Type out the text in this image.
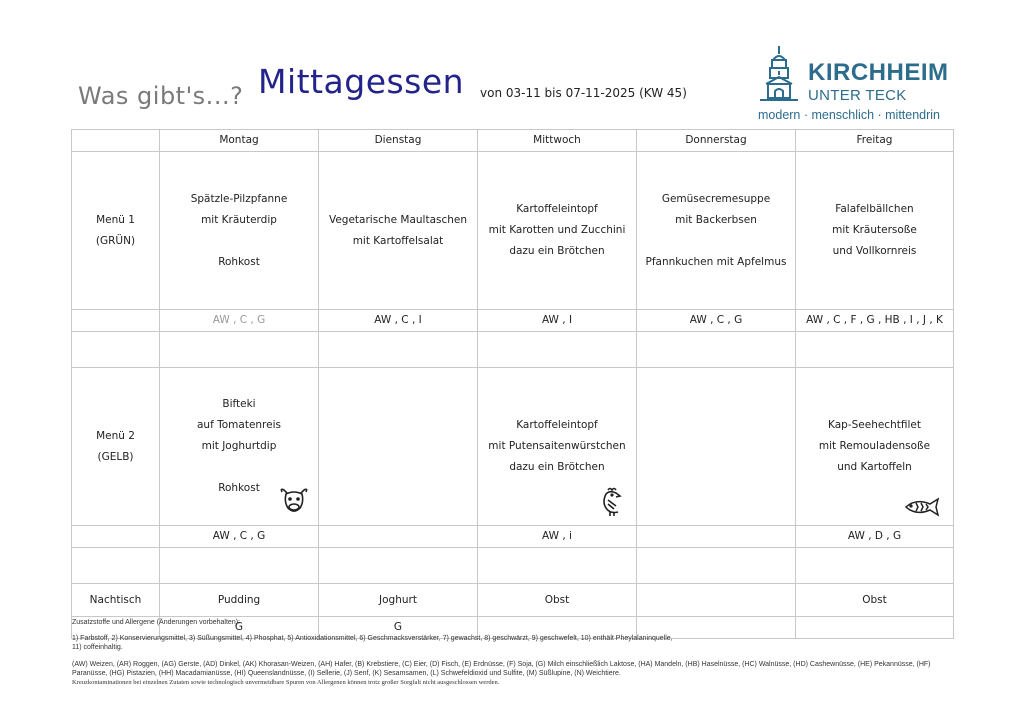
Was gibt's...? Mittagessen von 03-11 bis 07-11-2025 (KW 45)
KIRCHHEIM
UNTER TECK
modern · menschlich · mittendrin
	Montag	Dienstag	Mittwoch	Donnerstag	Freitag

Menü 1
(GRÜN)	Spätzle-Pilzpfanne
mit Kräuterdip

Rohkost	Vegetarische Maultaschen
mit Kartoffelsalat	Kartoffeleintopf
mit Karotten und Zucchini
dazu ein Brötchen	Gemüsecremesuppe
mit Backerbsen

Pfannkuchen mit Apfelmus	Falafelbällchen
mit Kräutersoße
und Vollkornreis

	AW , C , G	AW , C , I	AW , I	AW , C , G	AW , C , F , G , HB , I , J , K

Menü 2
(GELB)	Bifteki
auf Tomatenreis
mit Joghurtdip

Rohkost		Kartoffeleintopf
mit Putensaitenwürstchen
dazu ein Brötchen		Kap-Seehechtfilet
mit Remouladensoße
und Kartoffeln

	AW , C , G		AW , i		AW , D , G

Nachtisch	Pudding	Joghurt	Obst		Obst
	G	G			
Zusatzstoffe und Allergene (Änderungen vorbehalten):
1) Farbstoff, 2) Konservierungsmittel, 3) Süßungsmittel, 4) Phosphat, 5) Antioxidationsmittel, 6) Geschmacksverstärker, 7) gewachst, 8) geschwärzt, 9) geschwefelt, 10) enthält Pheylalaninquelle,
11) coffeinhaltig.
(AW) Weizen, (AR) Roggen, (AG) Gerste, (AD) Dinkel, (AK) Khorasan-Weizen, (AH) Hafer, (B) Krebstiere, (C) Eier, (D) Fisch, (E) Erdnüsse, (F) Soja, (G) Milch einschließlich Laktose, (HA) Mandeln, (HB) Haselnüsse, (HC) Walnüsse, (HD) Cashewnüsse, (HE) Pekannüsse, (HF)
Paranüsse, (HG) Pistazien, (HH) Macadamianüsse, (HI) Queenslandnüsse, (I) Sellerie, (J) Senf, (K) Sesamsamen, (L) Schwefeldioxid und Sulfite, (M) Süßlupine, (N) Weichtiere.
Kreuzkontaminationen bei einzelnen Zutaten sowie technologisch unvermeidbare Spuren von Allergenen können trotz großer Sorgfalt nicht ausgeschlossen werden.
